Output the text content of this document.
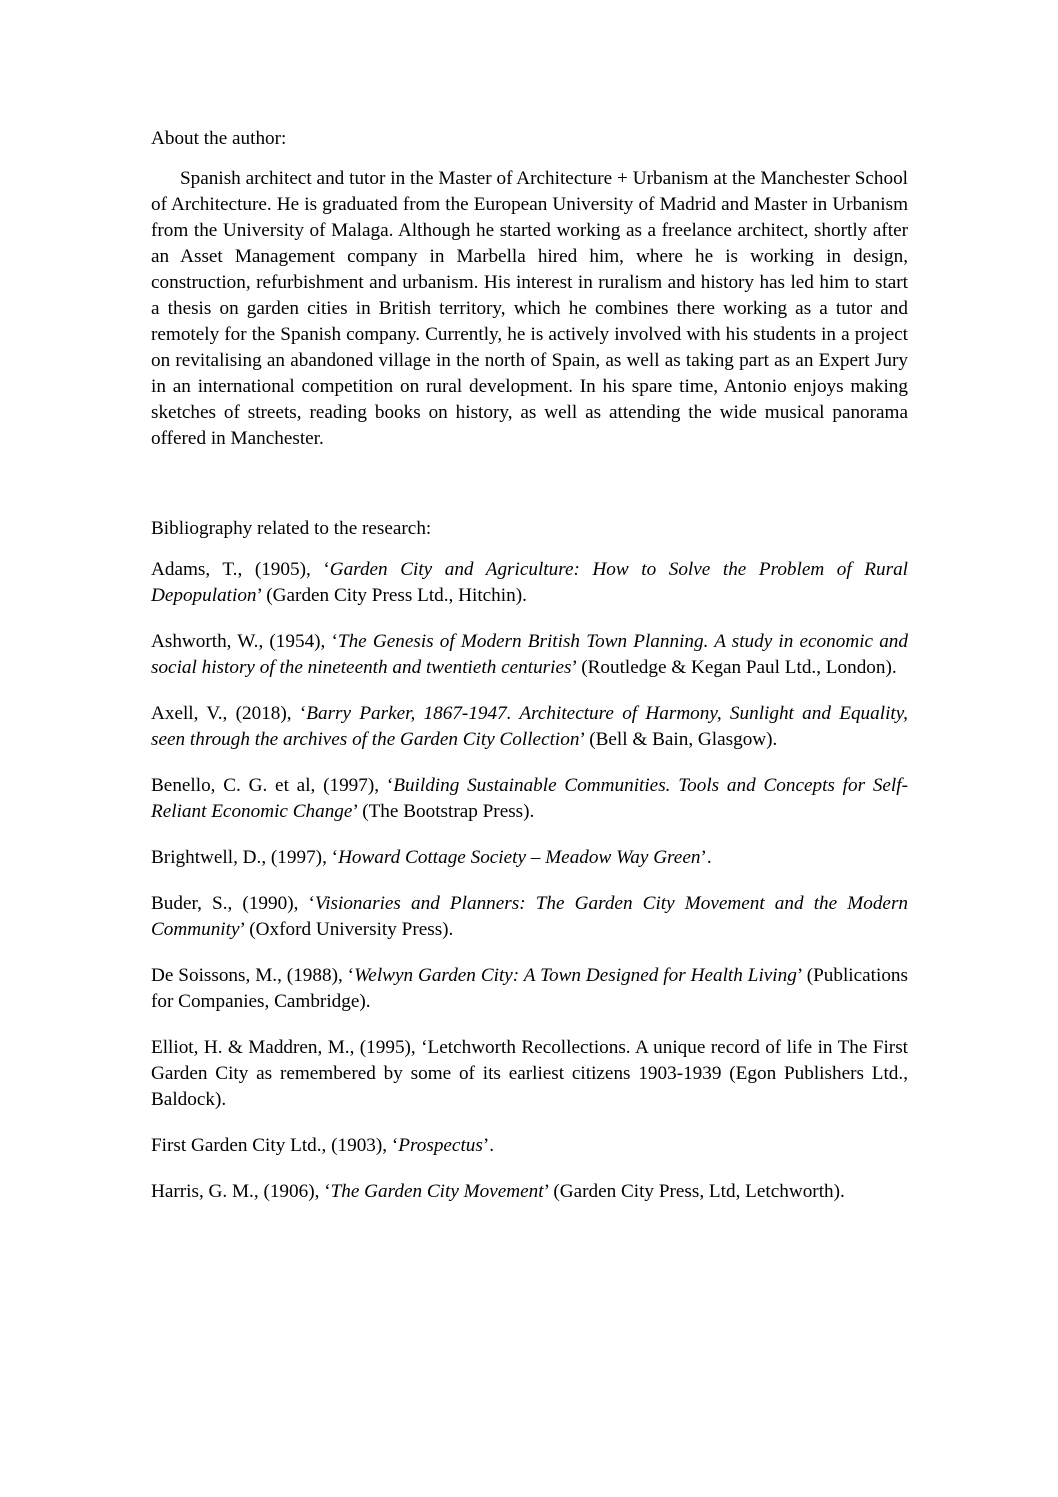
About the author:

Spanish architect and tutor in the Master of Architecture + Urbanism at the Manchester School of Architecture. He is graduated from the European University of Madrid and Master in Urbanism from the University of Malaga. Although he started working as a freelance architect, shortly after an Asset Management company in Marbella hired him, where he is working in design, construction, refurbishment and urbanism. His interest in ruralism and history has led him to start a thesis on garden cities in British territory, which he combines there working as a tutor and remotely for the Spanish company. Currently, he is actively involved with his students in a project on revitalising an abandoned village in the north of Spain, as well as taking part as an Expert Jury in an international competition on rural development. In his spare time, Antonio enjoys making sketches of streets, reading books on history, as well as attending the wide musical panorama offered in Manchester.

Bibliography related to the research:

Adams, T., (1905), ‘Garden City and Agriculture: How to Solve the Problem of Rural Depopulation’ (Garden City Press Ltd., Hitchin).

Ashworth, W., (1954), ‘The Genesis of Modern British Town Planning. A study in economic and social history of the nineteenth and twentieth centuries’ (Routledge & Kegan Paul Ltd., London).

Axell, V., (2018), ‘Barry Parker, 1867-1947. Architecture of Harmony, Sunlight and Equality, seen through the archives of the Garden City Collection’ (Bell & Bain, Glasgow).

Benello, C. G. et al, (1997), ‘Building Sustainable Communities. Tools and Concepts for Self-Reliant Economic Change’ (The Bootstrap Press).

Brightwell, D., (1997), ‘Howard Cottage Society – Meadow Way Green’.

Buder, S., (1990), ‘Visionaries and Planners: The Garden City Movement and the Modern Community’ (Oxford University Press).

De Soissons, M., (1988), ‘Welwyn Garden City: A Town Designed for Health Living’ (Publications for Companies, Cambridge).

Elliot, H. & Maddren, M., (1995), ‘Letchworth Recollections. A unique record of life in The First Garden City as remembered by some of its earliest citizens 1903-1939 (Egon Publishers Ltd., Baldock).

First Garden City Ltd., (1903), ‘Prospectus’.

Harris, G. M., (1906), ‘The Garden City Movement’ (Garden City Press, Ltd, Letchworth).
